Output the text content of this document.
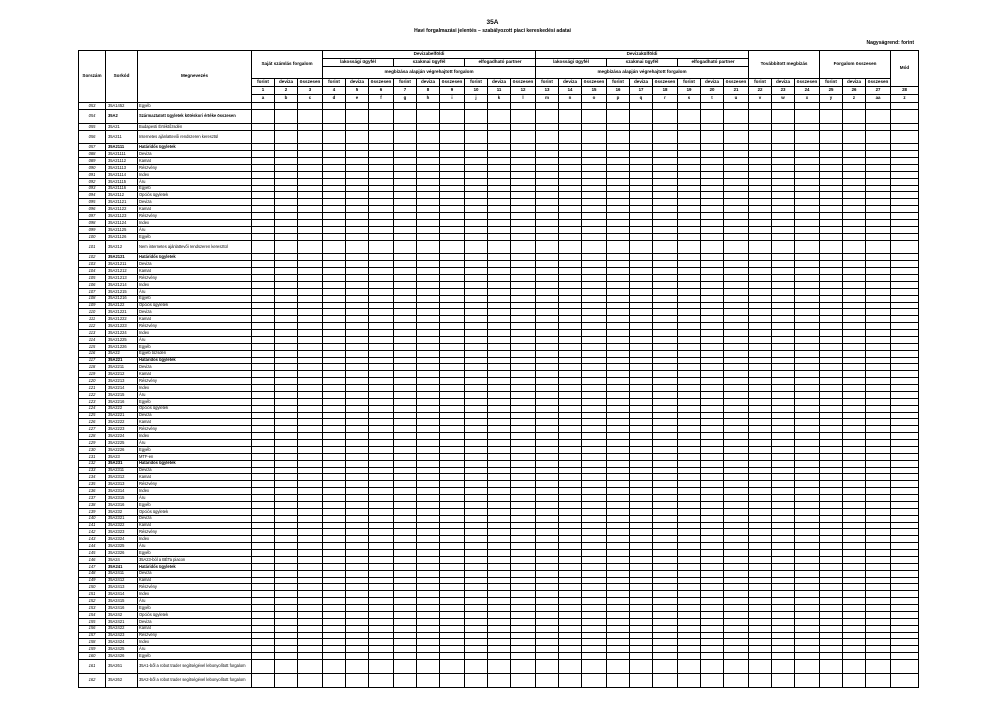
35A
Havi forgalmazási jelentés – szabályozott piaci kereskedési adatai
Nagyságrend: forint
Sorszám	Sorkód	Megnevezés	Saját számlás forgalom			Devizabelföldi									Devizakülföldi									Továbbított megbízás			Forgalom összesen			Mód
						lakossági ügyfél			szakmai ügyfél			elfogadható partner			lakossági ügyfél			szakmai ügyfél			elfogadható partner									
						megbízása alapján végrehajtott forgalom									megbízása alapján végrehajtott forgalom															
			forint	deviza	összesen	forint	deviza	összesen	forint	deviza	összesen	forint	deviza	összesen	forint	deviza	összesen	forint	deviza	összesen	forint	deviza	összesen	forint	deviza	összesen	forint	deviza	összesen	
			1	2	3	4	5	6	7	8	9	10	11	12	13	14	15	16	17	18	19	20	21	22	23	24	25	26	27	28
			a	b	c	d	e	f	g	h	i	j	k	l	m	n	o	p	q	r	s	t	u	v	w	x	y	z	aa	z
053	35A1452	Egyéb																												
054	35A2	Származtatott ügyletek kötéskori értéke összesen																												
055	35A21	Budapesti Értéktőzsdén																												
056	35A211	Internetes ajánlattevői rendszeren keresztül																												
057	35A2111	Határidős ügyletek																												
088	35A21111	Deviza																												
089	35A21112	Kamat																												
090	35A21113	Részvény																												
091	35A21114	Index																												
092	35A21115	Áru																												
093	35A21116	Egyéb																												
094	35A2112	Opciós ügyletek																												
095	35A21121	Deviza																												
096	35A21122	Kamat																												
097	35A21123	Részvény																												
098	35A21124	Index																												
099	35A21125	Áru																												
100	35A21126	Egyéb																												
101	35A212	Nem internetes ajánlattevői rendszeren keresztül																												
102	35A2121	Határidős ügyletek																												
103	35A21211	Deviza																												
104	35A21212	Kamat																												
105	35A21213	Részvény																												
106	35A21214	Index																												
107	35A21215	Áru																												
108	35A21216	Egyéb																												
109	35A2122	Opciós ügyletek																												
110	35A21221	Deviza																												
111	35A21222	Kamat																												
112	35A21223	Részvény																												
113	35A21224	Index																												
114	35A21225	Áru																												
115	35A21226	Egyéb																												
116	35A22	Egyéb tőzsdén																												
117	35A221	Határidős ügyletek																												
118	35A2211	Deviza																												
119	35A2212	Kamat																												
120	35A2213	Részvény																												
121	35A2214	Index																												
122	35A2215	Áru																												
123	35A2216	Egyéb																												
124	35A222	Opciós ügyletek																												
125	35A2221	Deviza																												
126	35A2222	Kamat																												
127	35A2223	Részvény																												
128	35A2224	Index																												
129	35A2225	Áru																												
130	35A2226	Egyéb																												
131	35A23	MTF-en																												
132	35A231	Határidős ügyletek																												
133	35A2311	Deviza																												
134	35A2312	Kamat																												
135	35A2313	Részvény																												
136	35A2314	Index																												
137	35A2315	Áru																												
138	35A2316	Egyéb																												
139	35A232	Opciós ügyletek																												
140	35A2321	Deviza																												
141	35A2322	Kamat																												
142	35A2323	Részvény																												
143	35A2324	Index																												
144	35A2325	Áru																												
145	35A2326	Egyéb																												
146	35A24	35A23-ból a BÉTa piacon																												
147	35A241	Határidős ügyletek																												
148	35A2411	Deviza																												
149	35A2412	Kamat																												
150	35A2413	Részvény																												
151	35A2414	Index																												
152	35A2415	Áru																												
153	35A2416	Egyéb																												
154	35A242	Opciós ügyletek																												
155	35A2421	Deviza																												
156	35A2422	Kamat																												
157	35A2423	Részvény																												
158	35A2424	Index																												
159	35A2425	Áru																												
160	35A2426	Egyéb																												
161	35A261	35A1-ből a robot trader segítségével lebonyolított forgalom																												
162	35A262	35A2-ből a robot trader segítségével lebonyolított forgalom																												
